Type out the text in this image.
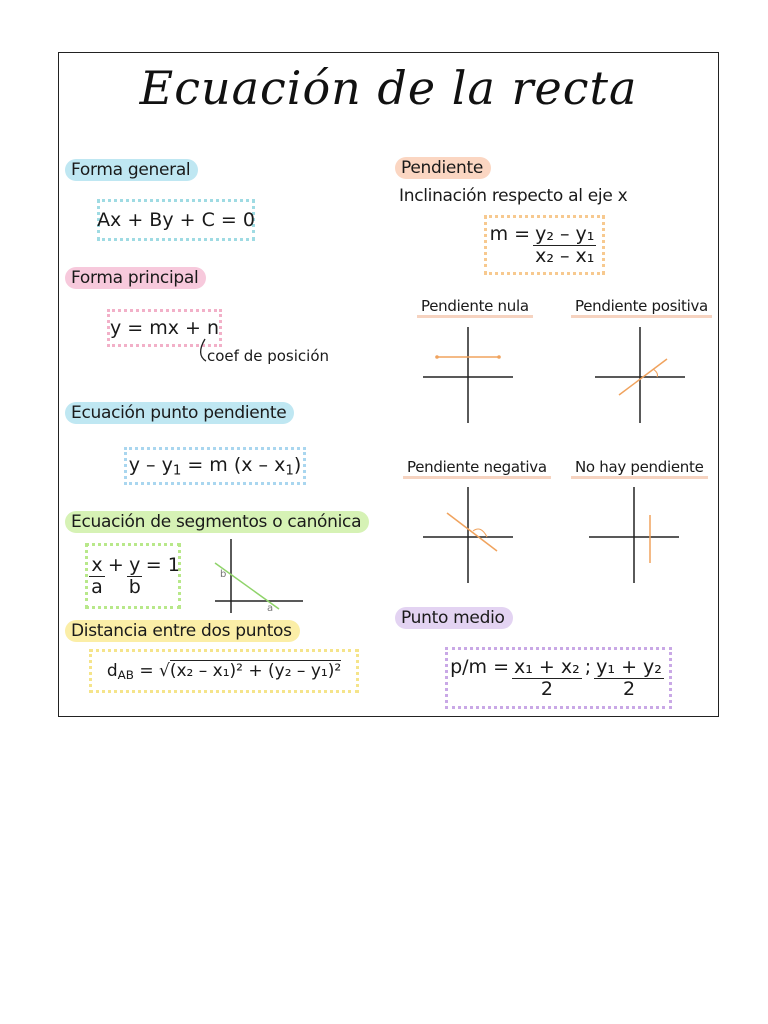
Ecuación de la recta
Forma general
Ax + By + C = 0
Forma principal
y = mx + n
coef de posición
Ecuación punto pendiente
$y - y_1 = m$ $(x - x_1)$
Ecuación de segmentos o canónica
$\frac{x}{a} + \frac{y}{b} = 1$	b
a
Distancia entre dos puntos
$d_{AB} = √(x_2 - x_1)^2 + (y_2 - y_1)^2$
Pendiente
Inclinación respecto al eje x
$m = \frac{\text{y₂ – y₁}}{\text{x₂ – x₁}}$
Pendiente nula	Pendiente positiva
Pendiente negativa No hay pendiente
Punto medio
$p/m = \frac{\text{x₁ + x₂}}{2}$ ; $\frac{\text{y₁ + y₂}}{2}$
